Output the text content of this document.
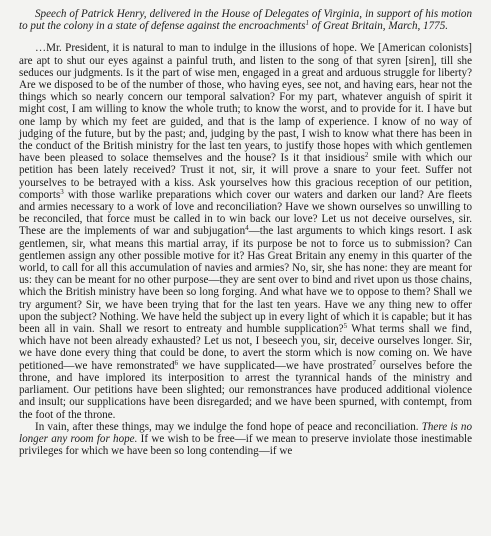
Speech of Patrick Henry, delivered in the House of Delegates of Virginia, in support of his motion to put the colony in a state of defense against the encroachments$^1$ of Great Britain, March, 1775.

…Mr. President, it is natural to man to indulge in the illusions of hope. We [American colonists] are apt to shut our eyes against a painful truth, and listen to the song of that syren [siren], till she seduces our judgments. Is it the part of wise men, engaged in a great and arduous struggle for liberty? Are we disposed to be of the number of those, who having eyes, see not, and having ears, hear not the things which so nearly concern our temporal salvation? For my part, whatever anguish of spirit it might cost, I am willing to know the whole truth; to know the worst, and to provide for it. I have but one lamp by which my feet are guided, and that is the lamp of experience. I know of no way of judging of the future, but by the past; and, judging by the past, I wish to know what there has been in the conduct of the British ministry for the last ten years, to justify those hopes with which gentlemen have been pleased to solace themselves and the house? Is it that insidious$^2$ smile with which our petition has been lately received? Trust it not, sir, it will prove a snare to your feet. Suffer not yourselves to be betrayed with a kiss. Ask yourselves how this gracious reception of our petition, comports$^3$ with those warlike preparations which cover our waters and darken our land? Are fleets and armies necessary to a work of love and reconciliation? Have we shown ourselves so unwilling to be reconciled, that force must be called in to win back our love? Let us not deceive ourselves, sir. These are the implements of war and subjugation$^4$—the last arguments to which kings resort. I ask gentlemen, sir, what means this martial array, if its purpose be not to force us to submission? Can gentlemen assign any other possible motive for it? Has Great Britain any enemy in this quarter of the world, to call for all this accumulation of navies and armies? No, sir, she has none: they are meant for us: they can be meant for no other purpose—they are sent over to bind and rivet upon us those chains, which the British ministry have been so long forging. And what have we to oppose to them? Shall we try argument? Sir, we have been trying that for the last ten years. Have we any thing new to offer upon the subject? Nothing. We have held the subject up in every light of which it is capable; but it has been all in vain. Shall we resort to entreaty and humble supplication?$^5$ What terms shall we find, which have not been already exhausted? Let us not, I beseech you, sir, deceive ourselves longer. Sir, we have done every thing that could be done, to avert the storm which is now coming on. We have petitioned—we have remonstrated$^6$ we have supplicated—we have prostrated$^7$ ourselves before the throne, and have implored its interposition to arrest the tyrannical hands of the ministry and parliament. Our petitions have been slighted; our remonstrances have produced additional violence and insult; our supplications have been disregarded; and we have been spurned, with contempt, from the foot of the throne.

In vain, after these things, may we indulge the fond hope of peace and reconciliation. There is no longer any room for hope. If we wish to be free—if we mean to preserve inviolate those inestimable privileges for which we have been so long contending—if we
